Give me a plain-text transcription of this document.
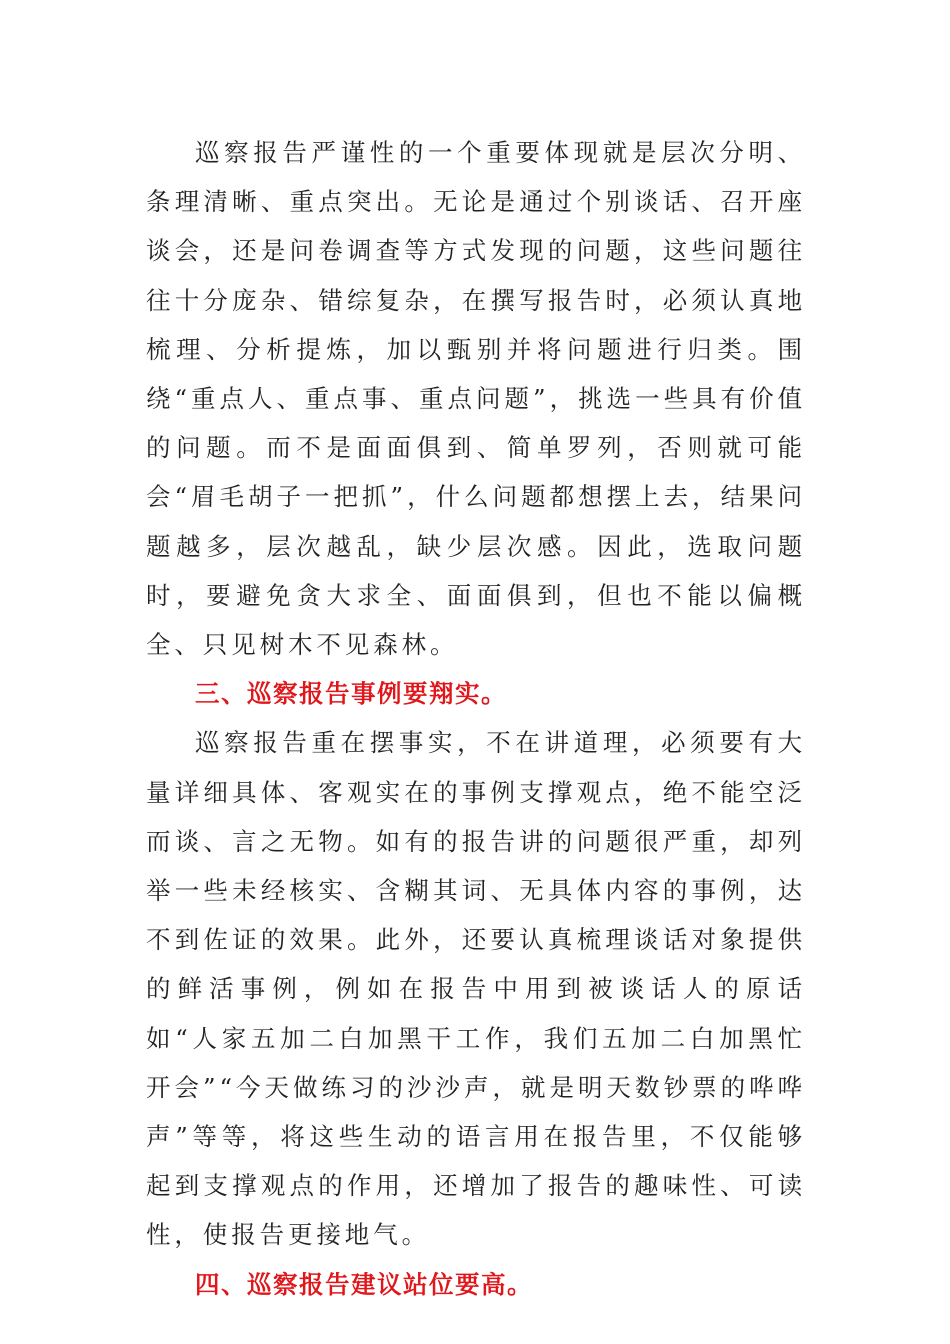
巡察报告严谨性的一个重要体现就是层次分明、条理清晰、重点突出。无论是通过个别谈话、召开座谈会，还是问卷调查等方式发现的问题，这些问题往往十分庞杂、错综复杂，在撰写报告时，必须认真地梳理、分析提炼，加以甄别并将问题进行归类。围绕“重点人、重点事、重点问题”，挑选一些具有价值的问题。而不是面面俱到、简单罗列，否则就可能会“眉毛胡子一把抓”，什么问题都想摆上去，结果问题越多，层次越乱，缺少层次感。因此，选取问题时，要避免贪大求全、面面俱到，但也不能以偏概全、只见树木不见森林。

三、巡察报告事例要翔实。

巡察报告重在摆事实，不在讲道理，必须要有大量详细具体、客观实在的事例支撑观点，绝不能空泛而谈、言之无物。如有的报告讲的问题很严重，却列举一些未经核实、含糊其词、无具体内容的事例，达不到佐证的效果。此外，还要认真梳理谈话对象提供的鲜活事例，例如在报告中用到被谈话人的原话如“人家五加二白加黑干工作，我们五加二白加黑忙开会”“今天做练习的沙沙声，就是明天数钞票的哗哗声”等等，将这些生动的语言用在报告里，不仅能够起到支撑观点的作用，还增加了报告的趣味性、可读性，使报告更接地气。

四、巡察报告建议站位要高。
